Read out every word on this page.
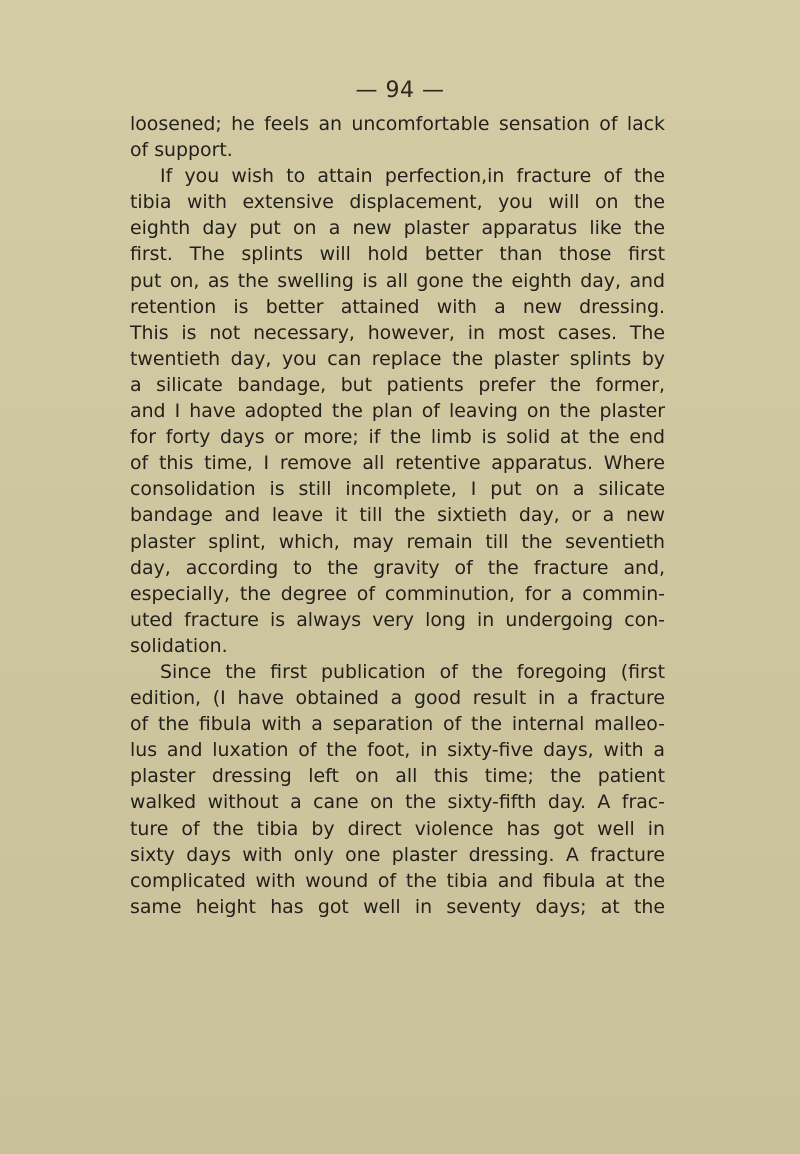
— 94 —
loosened; he feels an uncomfortable sensation of lack
of support.
If you wish to attain perfection,in fracture of the
tibia with extensive displacement, you will on the
eighth day put on a new plaster apparatus like the
first. The splints will hold better than those first
put on, as the swelling is all gone the eighth day, and
retention is better attained with a new dressing.
This is not necessary, however, in most cases. The
twentieth day, you can replace the plaster splints by
a silicate bandage, but patients prefer the former,
and I have adopted the plan of leaving on the plaster
for forty days or more; if the limb is solid at the end
of this time, I remove all retentive apparatus. Where
consolidation is still incomplete, I put on a silicate
bandage and leave it till the sixtieth day, or a new
plaster splint, which, may remain till the seventieth
day, according to the gravity of the fracture and,
especially, the degree of comminution, for a commin-
uted fracture is always very long in undergoing con-
solidation.
Since the first publication of the foregoing (first
edition, (I have obtained a good result in a fracture
of the fibula with a separation of the internal malleo-
lus and luxation of the foot, in sixty-five days, with a
plaster dressing left on all this time; the patient
walked without a cane on the sixty-fifth day. A frac-
ture of the tibia by direct violence has got well in
sixty days with only one plaster dressing. A fracture
complicated with wound of the tibia and fibula at the
same height has got well in seventy days; at the
